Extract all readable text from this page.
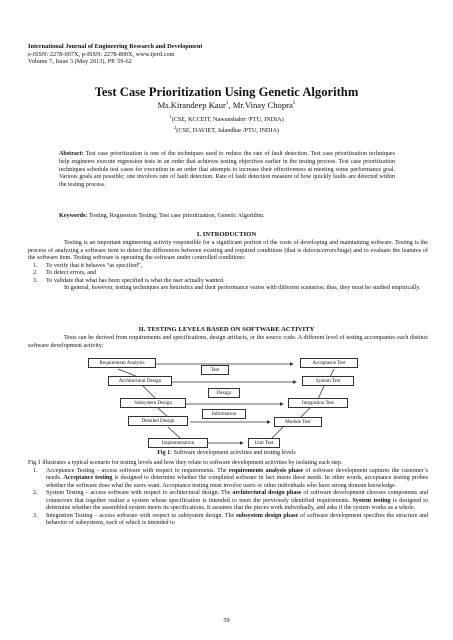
International Journal of Engineering Research and Development
e-ISSN: 2278-067X, p-ISSN: 2278-800X, www.ijerd.com
Volume 7, Issue 3 (May 2013), PP. 59-62
Test Case Prioritization Using Genetic Algorithm
Ms.Kirandeep Kaur$^1$, Mr.Vinay Chopra$^2$
$^1$(CSE, KCCEIT, Nawanshahrr /PTU, INDIA)
$^2$(CSE, DAVIET, Jalandhar /PTU, INDIA)
Abstract: Test case prioritization is one of the techniques used to reduce the rate of fault detection. Test case prioritization techniques help engineers execute regression tests in an order that achieves testing objectives earlier in the testing process. Test case prioritization techniques schedule test cases for execution in an order that attempts to increase their effectiveness at meeting some performance goal. Various goals are possible; one involves rate of fault detection. Rate of fault detection measure of how quickly faults are detected within the testing process.
Keywords: Testing, Regression Testing, Test case prioritization, Genetic Algorithm.
I. INTRODUCTION

Testing is an important engineering activity responsible for a significant portion of the costs of developing and maintaining software. Testing is the process of analyzing a software item to detect the differences between existing and required conditions (that is defects/errors/bugs) and to evaluate the features of the software item. Testing software is operating the software under controlled conditions:

1. To verify that it behaves “as specified”,
2. To detect errors, and
3. To validate that what has been specified is what the user actually wanted.

In general, however, testing techniques are heuristics and their performance varies with different scenarios; thus, they must be studied empirically.

II. TESTING LEVELS BASED ON SOFTWARE ACTIVITY

Tests can be derived from requirements and specifications, design artifacts, or the source code. A different level of testing accompanies each distinct software development activity:

Requirement Analysis	Acceptance Test
Test
Architectural Design	System Test
Design
Subsystem Design	Integration Test
Information
Detailed Design	Module Test
Implementation	Unit Test
Fig 1: Software development activities and testing levels

Fig 1 illustrates a typical scenario for testing levels and how they relate to software development activities by isolating each step.

1. Acceptance Testing – access software with respect to requirements. The requirements analysis phase of software development captures the customer’s needs. Acceptance testing is designed to determine whether the completed software in fact meets these needs. In other words, acceptance testing probes whether the software does what the users want. Acceptance testing must involve users or other individuals who have strong domain knowledge.
2. System Testing – access software with respect to architectural design. The architectural design phase of software development chooses components and connectors that together realize a system whose specification is intended to meet the previously identified requirements. System testing is designed to determine whether the assembled system meets its specifications. It assumes that the pieces work individually, and asks if the system works as a whole.
3. Integration Testing – access software with respect to subsystem design. The subsystem design phase of software development specifies the structure and behavior of subsystems, each of which is intended to
59
